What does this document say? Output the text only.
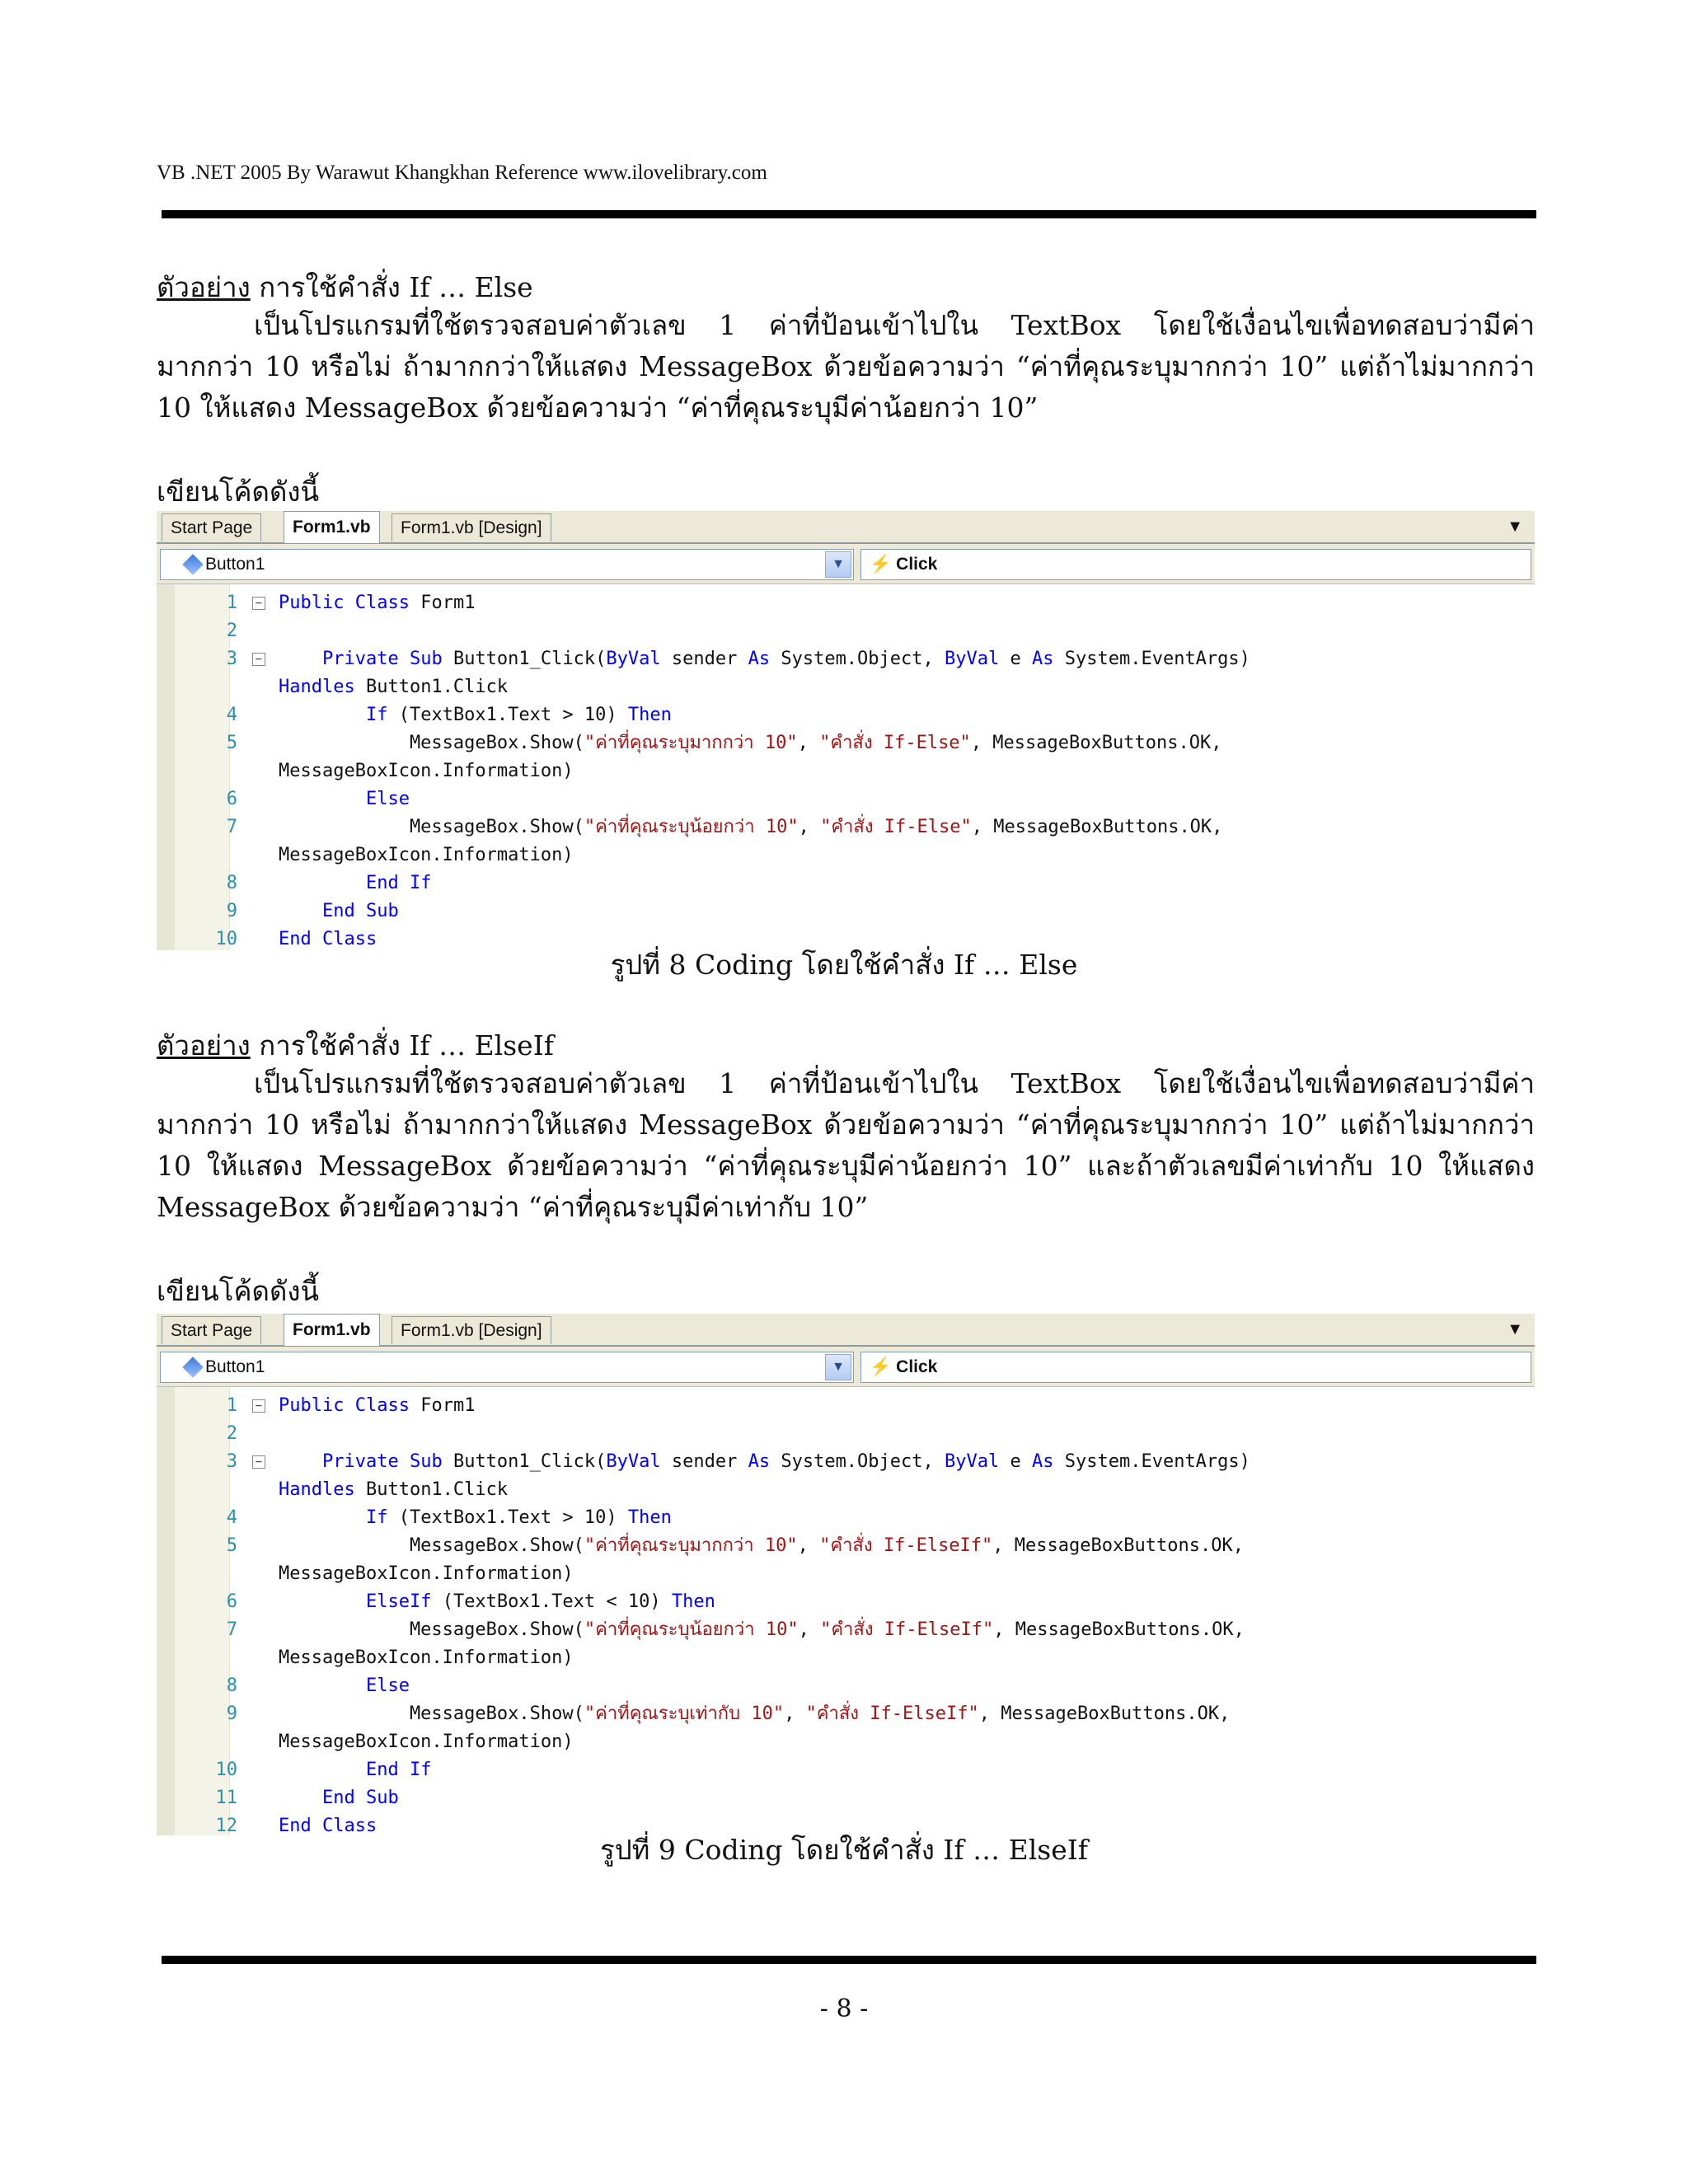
VB .NET 2005 By Warawut Khangkhan Reference www.ilovelibrary.com
ตัวอย่าง การใช้คำสั่ง If … Else

เป็นโปรแกรมที่ใช้ตรวจสอบค่าตัวเลข 1 ค่าที่ป้อนเข้าไปใน TextBox โดยใช้เงื่อนไขเพื่อทดสอบว่ามีค่ามากกว่า 10 หรือไม่ ถ้ามากกว่าให้แสดง MessageBox ด้วยข้อความว่า “ค่าที่คุณระบุมากกว่า 10” แต่ถ้าไม่มากกว่า 10 ให้แสดง MessageBox ด้วยข้อความว่า “ค่าที่คุณระบุมีค่าน้อยกว่า 10”

เขียนโค้ดดังนี้
Start Page	Form1.vb	Form1.vb [Design]	▼
Button1	▼	⚡ Click
1 − Public Class Form1
2
3 −	Private Sub Button1_Click(ByVal sender As System.Object, ByVal e As System.EventArgs)
Handles Button1.Click
4	If (TextBox1.Text > 10) Then
5 MessageBox.Show("ค่าที่คุณระบุมากกว่า 10", "คำสั่ง If-Else", MessageBoxButtons.OK,
MessageBoxIcon.Information)
6	Else
7 MessageBox.Show("ค่าที่คุณระบุน้อยกว่า 10", "คำสั่ง If-Else", MessageBoxButtons.OK,
MessageBoxIcon.Information)
8	End If
9	End Sub
10 End Class
รูปที่ 8 Coding โดยใช้คำสั่ง If … Else
ตัวอย่าง การใช้คำสั่ง If … ElseIf

เป็นโปรแกรมที่ใช้ตรวจสอบค่าตัวเลข 1 ค่าที่ป้อนเข้าไปใน TextBox โดยใช้เงื่อนไขเพื่อทดสอบว่ามีค่ามากกว่า 10 หรือไม่ ถ้ามากกว่าให้แสดง MessageBox ด้วยข้อความว่า “ค่าที่คุณระบุมากกว่า 10” แต่ถ้าไม่มากกว่า 10 ให้แสดง MessageBox ด้วยข้อความว่า “ค่าที่คุณระบุมีค่าน้อยกว่า 10” และถ้าตัวเลขมีค่าเท่ากับ 10 ให้แสดง MessageBox ด้วยข้อความว่า “ค่าที่คุณระบุมีค่าเท่ากับ 10”

เขียนโค้ดดังนี้
Start Page	Form1.vb	Form1.vb [Design]	▼
Button1	▼	⚡ Click
1 − Public Class Form1
2
3 −	Private Sub Button1_Click(ByVal sender As System.Object, ByVal e As System.EventArgs)
Handles Button1.Click
4	If (TextBox1.Text > 10) Then
5 MessageBox.Show("ค่าที่คุณระบุมากกว่า 10", "คำสั่ง If-ElseIf", MessageBoxButtons.OK,
MessageBoxIcon.Information)
6	ElseIf (TextBox1.Text < 10) Then
7 MessageBox.Show("ค่าที่คุณระบุน้อยกว่า 10", "คำสั่ง If-ElseIf", MessageBoxButtons.OK,
MessageBoxIcon.Information)
8	Else
9 MessageBox.Show("ค่าที่คุณระบุเท่ากับ 10", "คำสั่ง If-ElseIf", MessageBoxButtons.OK,
MessageBoxIcon.Information)
10	End If
11	End Sub
12 End Class
รูปที่ 9 Coding โดยใช้คำสั่ง If … ElseIf
- 8 -
